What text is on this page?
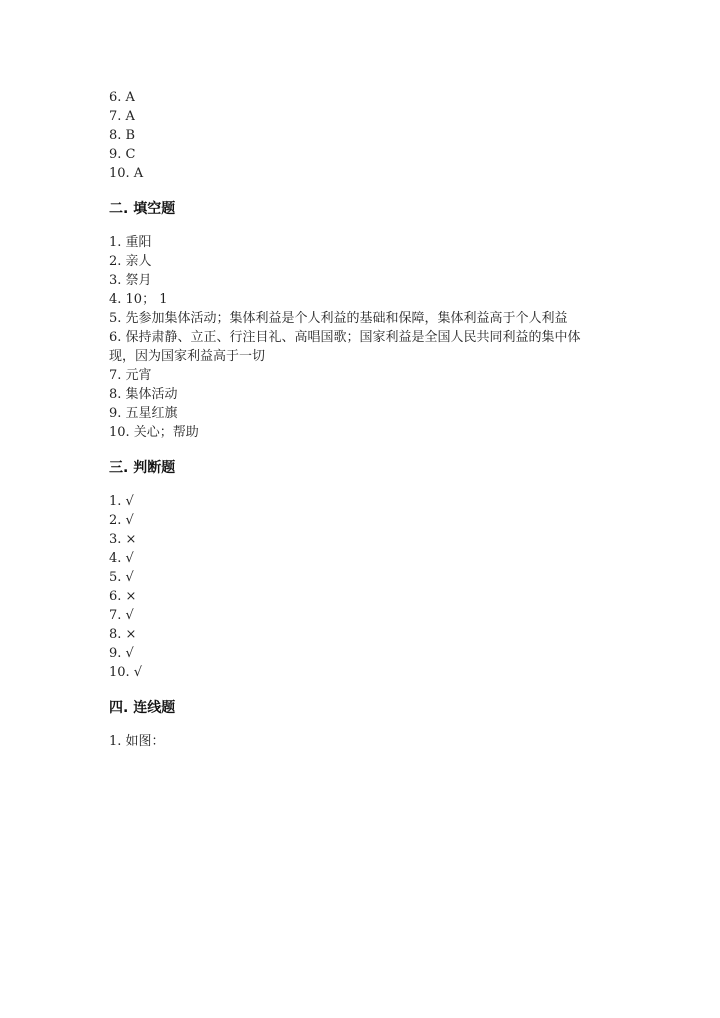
6. A
7. A
8. B
9. C
10. A
二. 填空题
1. 重阳
2. 亲人
3. 祭月
4. 10； 1
5. 先参加集体活动；集体利益是个人利益的基础和保障，集体利益高于个人利益
6. 保持肃静、立正、行注目礼、高唱国歌；国家利益是全国人民共同利益的集中体现，因为国家利益高于一切
7. 元宵
8. 集体活动
9. 五星红旗
10. 关心；帮助
三. 判断题
1. √
2. √
3. ×
4. √
5. √
6. ×
7. √
8. ×
9. √
10. √
四. 连线题
1. 如图：
